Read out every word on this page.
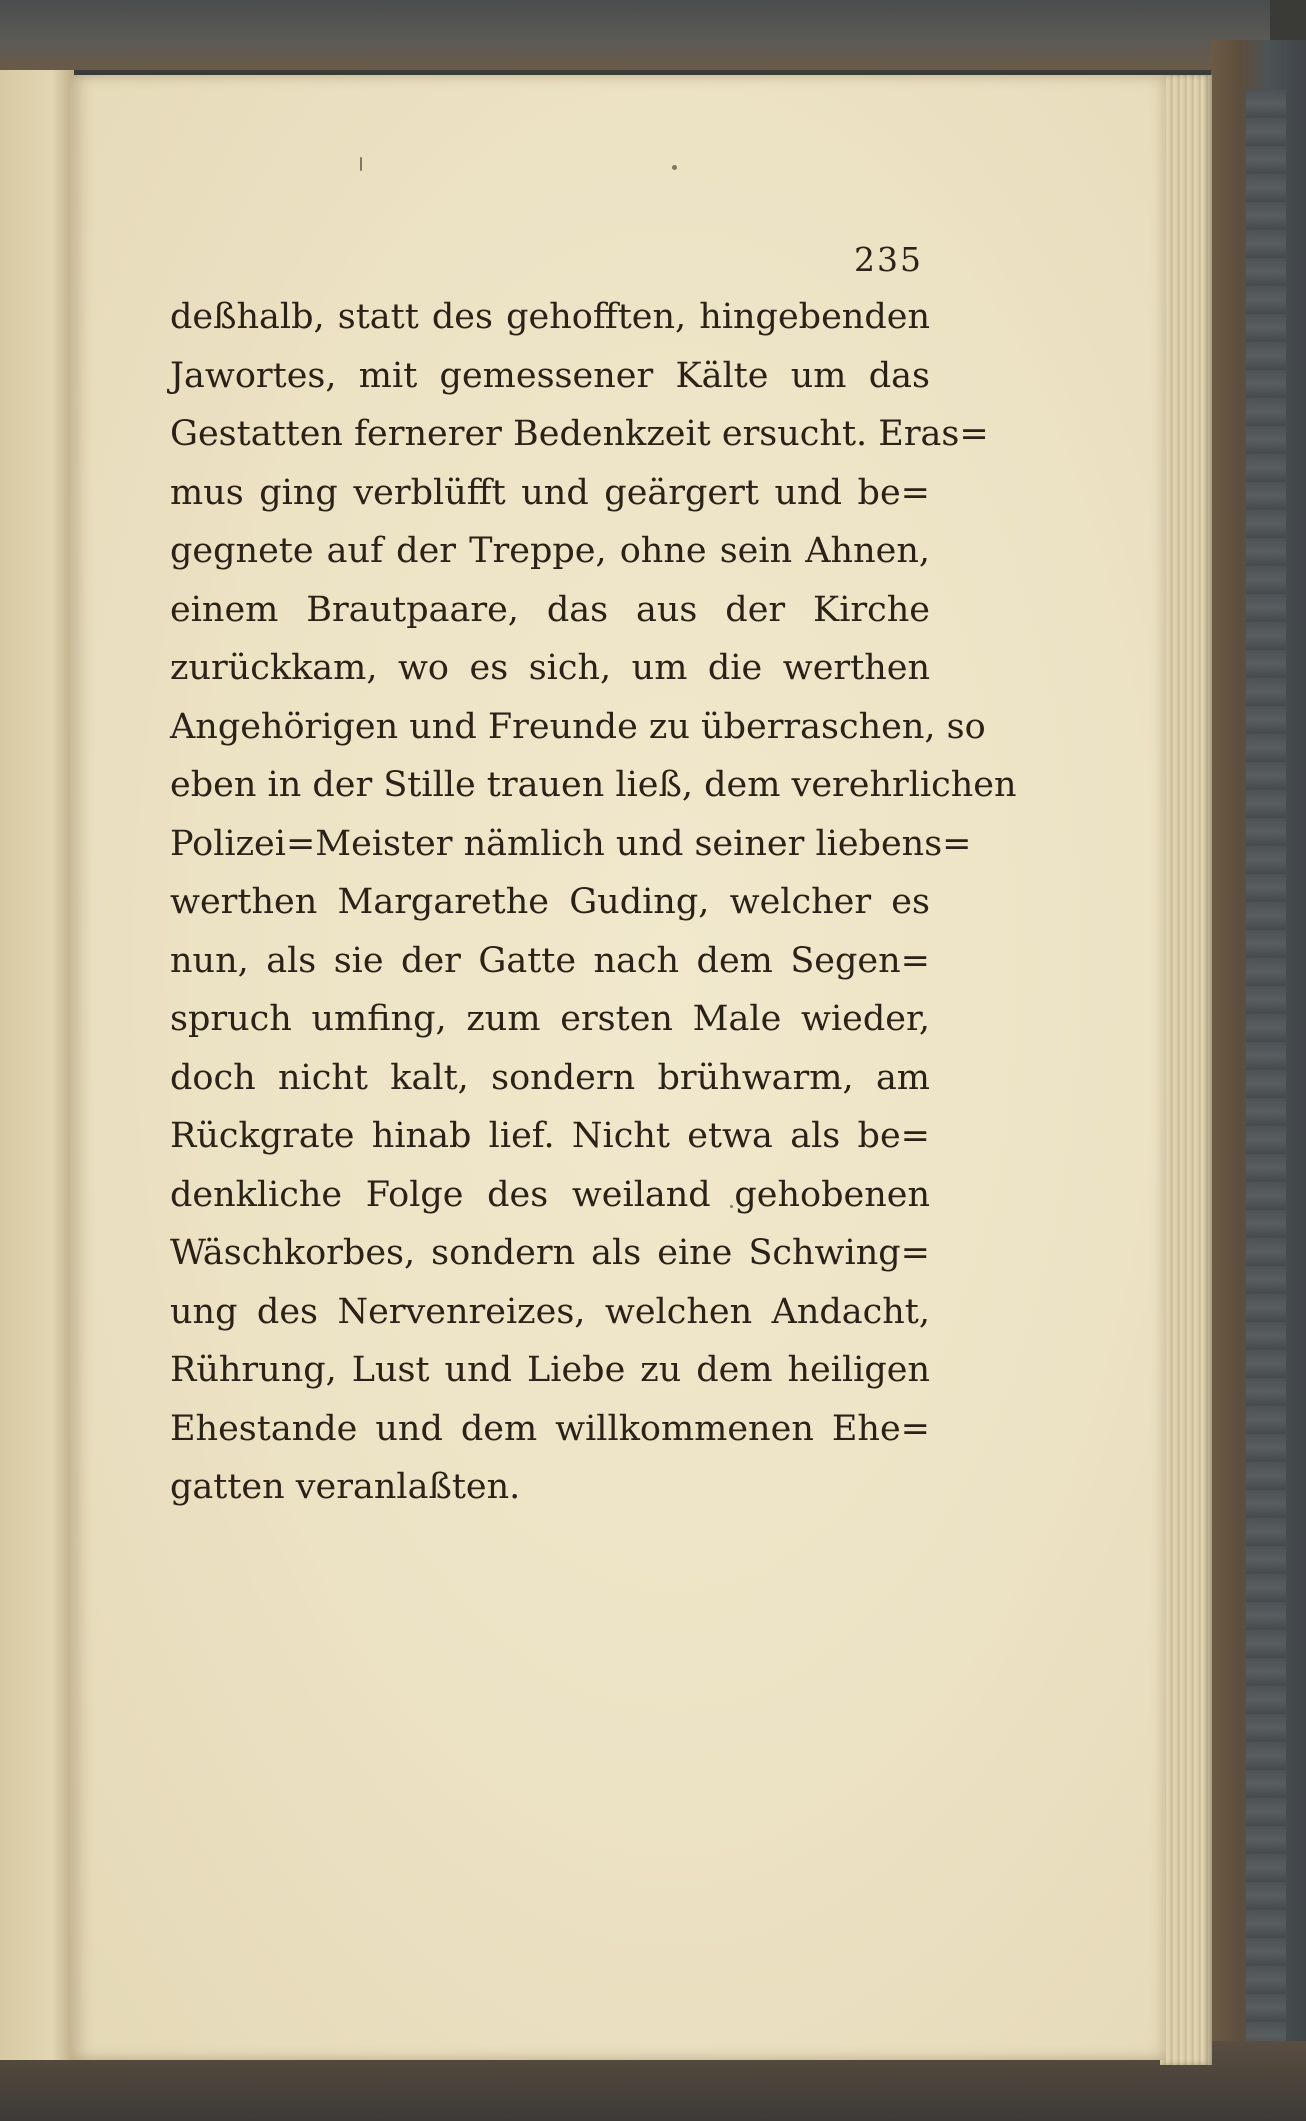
235
deßhalb, statt des gehofften, hingebenden
Jawortes, mit gemessener Kälte um das
Gestatten fernerer Bedenkzeit ersucht. Eras=
mus ging verblüfft und geärgert und be=
gegnete auf der Treppe, ohne sein Ahnen,
einem Brautpaare, das aus der Kirche
zurückkam, wo es sich, um die werthen
Angehörigen und Freunde zu überraschen, so
eben in der Stille trauen ließ, dem verehrlichen
Polizei=Meister nämlich und seiner liebens=
werthen Margarethe Guding, welcher es
nun, als sie der Gatte nach dem Segen=
spruch umfing, zum ersten Male wieder,
doch nicht kalt, sondern brühwarm, am
Rückgrate hinab lief. Nicht etwa als be=
denkliche Folge des weiland gehobenen
Wäschkorbes, sondern als eine Schwing=
ung des Nervenreizes, welchen Andacht,
Rührung, Lust und Liebe zu dem heiligen
Ehestande und dem willkommenen Ehe=
gatten veranlaßten.
